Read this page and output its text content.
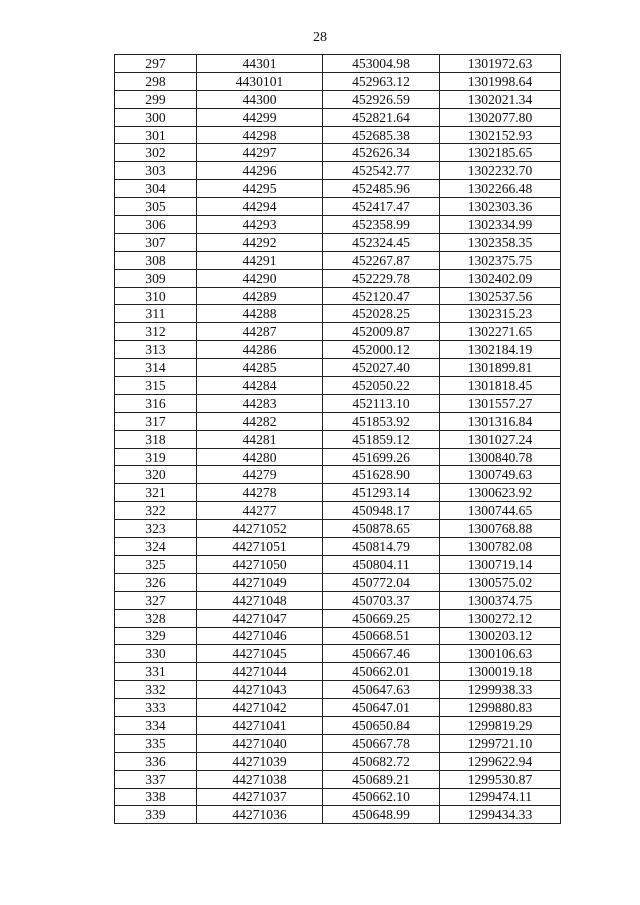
28
297	44301	453004.98	1301972.63
298	4430101	452963.12	1301998.64
299	44300	452926.59	1302021.34
300	44299	452821.64	1302077.80
301	44298	452685.38	1302152.93
302	44297	452626.34	1302185.65
303	44296	452542.77	1302232.70
304	44295	452485.96	1302266.48
305	44294	452417.47	1302303.36
306	44293	452358.99	1302334.99
307	44292	452324.45	1302358.35
308	44291	452267.87	1302375.75
309	44290	452229.78	1302402.09
310	44289	452120.47	1302537.56
311	44288	452028.25	1302315.23
312	44287	452009.87	1302271.65
313	44286	452000.12	1302184.19
314	44285	452027.40	1301899.81
315	44284	452050.22	1301818.45
316	44283	452113.10	1301557.27
317	44282	451853.92	1301316.84
318	44281	451859.12	1301027.24
319	44280	451699.26	1300840.78
320	44279	451628.90	1300749.63
321	44278	451293.14	1300623.92
322	44277	450948.17	1300744.65
323	44271052	450878.65	1300768.88
324	44271051	450814.79	1300782.08
325	44271050	450804.11	1300719.14
326	44271049	450772.04	1300575.02
327	44271048	450703.37	1300374.75
328	44271047	450669.25	1300272.12
329	44271046	450668.51	1300203.12
330	44271045	450667.46	1300106.63
331	44271044	450662.01	1300019.18
332	44271043	450647.63	1299938.33
333	44271042	450647.01	1299880.83
334	44271041	450650.84	1299819.29
335	44271040	450667.78	1299721.10
336	44271039	450682.72	1299622.94
337	44271038	450689.21	1299530.87
338	44271037	450662.10	1299474.11
339	44271036	450648.99	1299434.33
